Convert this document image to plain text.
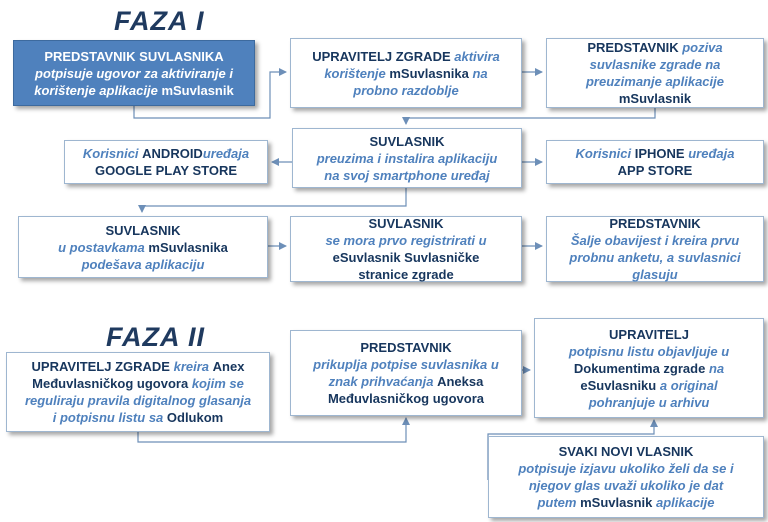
FAZA I
PREDSTAVNIK SUVLASNIKA
potpisuje ugovor za aktiviranje i
korištenje aplikacije mSuvlasnik
UPRAVITELJ ZGRADE aktivira
korištenje mSuvlasnika na
probno razdoblje
PREDSTAVNIK poziva
suvlasnike zgrade na
preuzimanje aplikacije
mSuvlasnik
Korisnici ANDROIDuređaja
GOOGLE PLAY STORE
SUVLASNIK
preuzima i instalira aplikaciju
na svoj smartphone uređaj
Korisnici IPHONE uređaja
APP STORE
SUVLASNIK
u postavkama mSuvlasnika
podešava aplikaciju
SUVLASNIK
se mora prvo registrirati u
eSuvlasnik Suvlasničke
stranice zgrade
PREDSTAVNIK
Šalje obavijest i kreira prvu
probnu anketu, a suvlasnici
glasuju
FAZA II
UPRAVITELJ ZGRADE kreira Anex
Međuvlasničkog ugovora kojim se
reguliraju pravila digitalnog glasanja
i potpisnu listu sa Odlukom
PREDSTAVNIK
prikuplja potpise suvlasnika u
znak prihvaćanja Aneksa
Međuvlasničkog ugovora
UPRAVITELJ
potpisnu listu objavljuje u
Dokumentima zgrade na
eSuvlasniku a original
pohranjuje u arhivu
SVAKI NOVI VLASNIK
potpisuje izjavu ukoliko želi da se i
njegov glas uvaži ukoliko je dat
putem mSuvlasnik aplikacije
